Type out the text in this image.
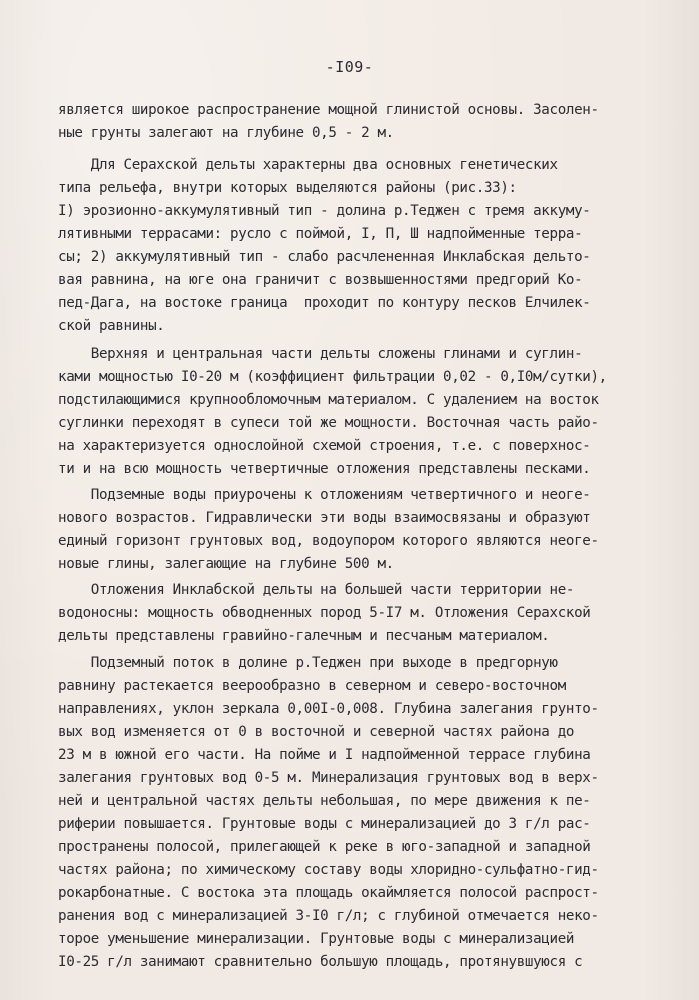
-I09-
является широкое распространение мощной глинистой основы. Засолен-
ные грунты залегают на глубине 0,5 - 2 м.
Для Серахской дельты характерны два основных генетических
типа рельефа, внутри которых выделяются районы (рис.33):
I) эрозионно-аккумулятивный тип - долина р.Теджен с тремя аккуму-
лятивными террасами: русло с поймой, I, П, Ш надпойменные терра-
сы; 2) аккумулятивный тип - слабо расчлененная Инклабская дельто-
вая равнина, на юге она граничит с возвышенностями предгорий Ко-
пед-Дага, на востоке граница  проходит по контуру песков Елчилек-
ской равнины.
Верхняя и центральная части дельты сложены глинами и суглин-
ками мощностью I0-20 м (коэффициент фильтрации 0,02 - 0,I0м/сутки),
подстилающимися крупнообломочным материалом. С удалением на восток
суглинки переходят в супеси той же мощности. Восточная часть райо-
на характеризуется однослойной схемой строения, т.е. с поверхнос-
ти и на всю мощность четвертичные отложения представлены песками.
Подземные воды приурочены к отложениям четвертичного и неоге-
нового возрастов. Гидравлически эти воды взаимосвязаны и образуют
единый горизонт грунтовых вод, водоупором которого являются неоге-
новые глины, залегающие на глубине 500 м.
Отложения Инклабской дельты на большей части территории не-
водоносны: мощность обводненных пород 5-I7 м. Отложения Серахской
дельты представлены гравийно-галечным и песчаным материалом.
Подземный поток в долине р.Теджен при выходе в предгорную
равнину растекается веерообразно в северном и северо-восточном
направлениях, уклон зеркала 0,00I-0,008. Глубина залегания грунто-
вых вод изменяется от 0 в восточной и северной частях района до
23 м в южной его части. На пойме и I надпойменной террасе глубина
залегания грунтовых вод 0-5 м. Минерализация грунтовых вод в верх-
ней и центральной частях дельты небольшая, по мере движения к пе-
риферии повышается. Грунтовые воды с минерализацией до 3 г/л рас-
пространены полосой, прилегающей к реке в юго-западной и западной
частях района; по химическому составу воды хлоридно-сульфатно-гид-
рокарбонатные. С востока эта площадь окаймляется полосой распрост-
ранения вод с минерализацией 3-I0 г/л; с глубиной отмечается неко-
торое уменьшение минерализации. Грунтовые воды с минерализацией
I0-25 г/л занимают сравнительно большую площадь, протянувшуюся с
